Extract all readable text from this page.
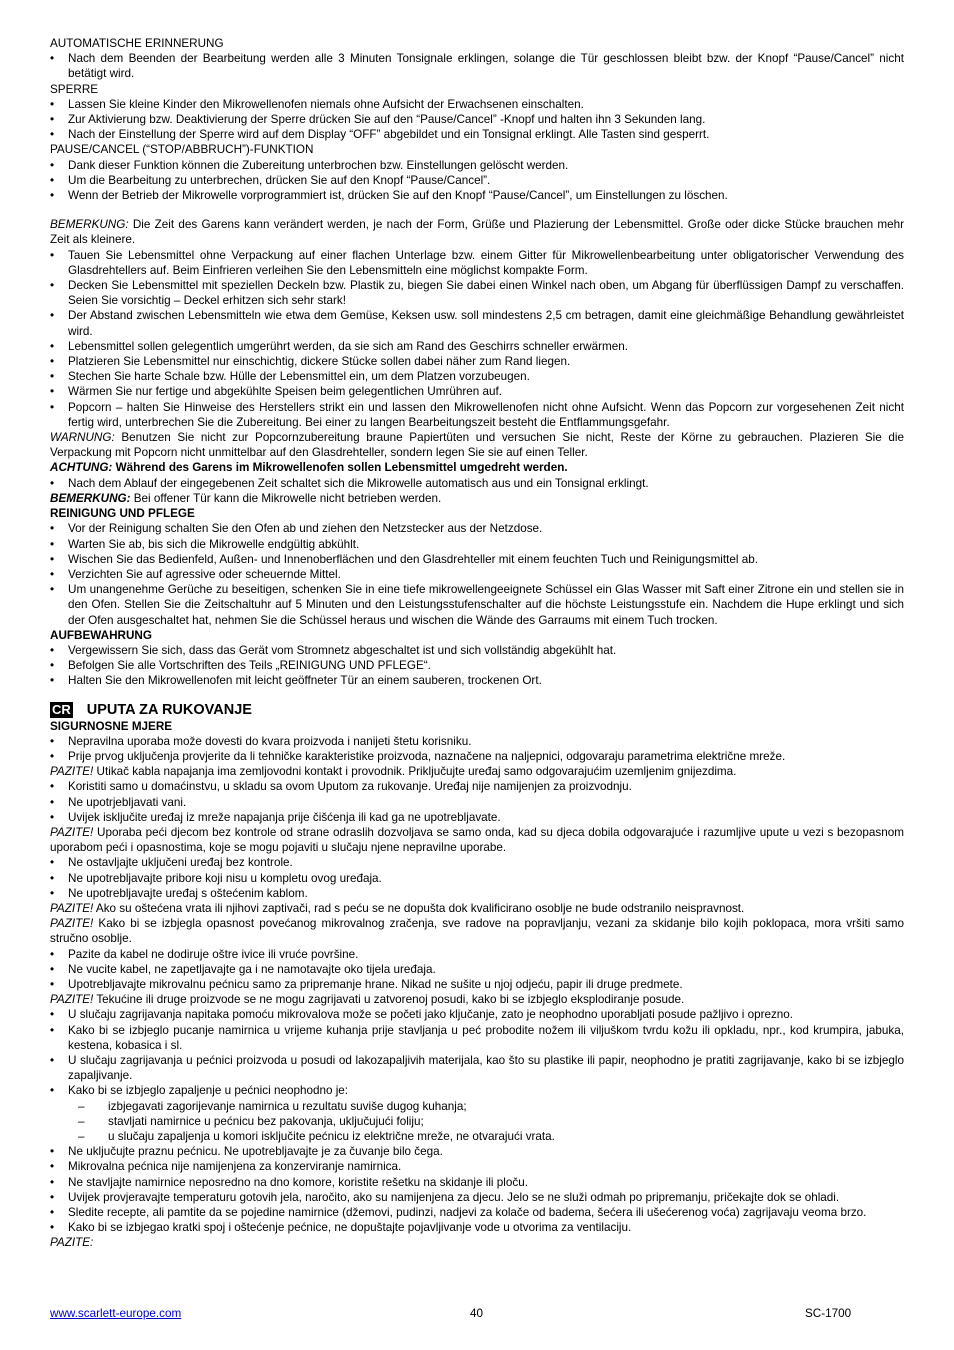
AUTOMATISCHE ERINNERUNG
• Nach dem Beenden der Bearbeitung werden alle 3 Minuten Tonsignale erklingen, solange die Tür geschlossen bleibt bzw. der Knopf “Pause/Cancel” nicht betätigt wird.
SPERRE
• Lassen Sie kleine Kinder den Mikrowellenofen niemals ohne Aufsicht der Erwachsenen einschalten.
• Zur Aktivierung bzw. Deaktivierung der Sperre drücken Sie auf den “Pause/Cancel” -Knopf und halten ihn 3 Sekunden lang.
• Nach der Einstellung der Sperre wird auf dem Display “OFF” abgebildet und ein Tonsignal erklingt. Alle Tasten sind gesperrt.
PAUSE/CANCEL (“STOP/ABBRUCH”)-FUNKTION
• Dank dieser Funktion können die Zubereitung unterbrochen bzw. Einstellungen gelöscht werden.
• Um die Bearbeitung zu unterbrechen, drücken Sie auf den Knopf “Pause/Cancel”.
• Wenn der Betrieb der Mikrowelle vorprogrammiert ist, drücken Sie auf den Knopf “Pause/Cancel”, um Einstellungen zu löschen.

BEMERKUNG: Die Zeit des Garens kann verändert werden, je nach der Form, Grüße und Plazierung der Lebensmittel. Große oder dicke Stücke brauchen mehr Zeit als kleinere.

• Tauen Sie Lebensmittel ohne Verpackung auf einer flachen Unterlage bzw. einem Gitter für Mikrowellenbearbeitung unter obligatorischer Verwendung des Glasdrehtellers auf. Beim Einfrieren verleihen Sie den Lebensmitteln eine möglichst kompakte Form.
• Decken Sie Lebensmittel mit speziellen Deckeln bzw. Plastik zu, biegen Sie dabei einen Winkel nach oben, um Abgang für überflüssigen Dampf zu verschaffen. Seien Sie vorsichtig – Deckel erhitzen sich sehr stark!
• Der Abstand zwischen Lebensmitteln wie etwa dem Gemüse, Keksen usw. soll mindestens 2,5 cm betragen, damit eine gleichmäßige Behandlung gewährleistet wird.
• Lebensmittel sollen gelegentlich umgerührt werden, da sie sich am Rand des Geschirrs schneller erwärmen.
• Platzieren Sie Lebensmittel nur einschichtig, dickere Stücke sollen dabei näher zum Rand liegen.
• Stechen Sie harte Schale bzw. Hülle der Lebensmittel ein, um dem Platzen vorzubeugen.
• Wärmen Sie nur fertige und abgekühlte Speisen beim gelegentlichen Umrühren auf.
• Popcorn – halten Sie Hinweise des Herstellers strikt ein und lassen den Mikrowellenofen nicht ohne Aufsicht. Wenn das Popcorn zur vorgesehenen Zeit nicht fertig wird, unterbrechen Sie die Zubereitung. Bei einer zu langen Bearbeitungszeit besteht die Entflammungsgefahr.

WARNUNG: Benutzen Sie nicht zur Popcornzubereitung braune Papiertüten und versuchen Sie nicht, Reste der Körne zu gebrauchen. Plazieren Sie die Verpackung mit Popcorn nicht unmittelbar auf den Glasdrehteller, sondern legen Sie sie auf einen Teller.

ACHTUNG: Während des Garens im Mikrowellenofen sollen Lebensmittel umgedreht werden.

• Nach dem Ablauf der eingegebenen Zeit schaltet sich die Mikrowelle automatisch aus und ein Tonsignal erklingt.

BEMERKUNG: Bei offener Tür kann die Mikrowelle nicht betrieben werden.

REINIGUNG UND PFLEGE
• Vor der Reinigung schalten Sie den Ofen ab und ziehen den Netzstecker aus der Netzdose.
• Warten Sie ab, bis sich die Mikrowelle endgültig abkühlt.
• Wischen Sie das Bedienfeld, Außen- und Innenoberflächen und den Glasdrehteller mit einem feuchten Tuch und Reinigungsmittel ab.
• Verzichten Sie auf agressive oder scheuernde Mittel.
• Um unangenehme Gerüche zu beseitigen, schenken Sie in eine tiefe mikrowellengeeignete Schüssel ein Glas Wasser mit Saft einer Zitrone ein und stellen sie in den Ofen. Stellen Sie die Zeitschaltuhr auf 5 Minuten und den Leistungsstufenschalter auf die höchste Leistungsstufe ein. Nachdem die Hupe erklingt und sich der Ofen ausgeschaltet hat, nehmen Sie die Schüssel heraus und wischen die Wände des Garraums mit einem Tuch trocken.
AUFBEWAHRUNG
• Vergewissern Sie sich, dass das Gerät vom Stromnetz abgeschaltet ist und sich vollständig abgekühlt hat.
• Befolgen Sie alle Vortschriften des Teils „REINIGUNG UND PFLEGE“.
• Halten Sie den Mikrowellenofen mit leicht geöffneter Tür an einem sauberen, trockenen Ort.
CR UPUTA ZA RUKOVANJE
SIGURNOSNE MJERE
• Nepravilna uporaba može dovesti do kvara proizvoda i nanijeti štetu korisniku.
• Prije prvog uključenja provjerite da li tehničke karakteristike proizvoda, naznačene na naljepnici, odgovaraju parametrima električne mreže.

PAZITE! Utikač kabla napajanja ima zemljovodni kontakt i provodnik. Priključujte uređaj samo odgovarajućim uzemljenim gnijezdima.

• Koristiti samo u domaćinstvu, u skladu sa ovom Uputom za rukovanje. Uređaj nije namijenjen za proizvodnju.
• Ne upotrjebljavati vani.
• Uvijek isključite uređaj iz mreže napajanja prije čišćenja ili kad ga ne upotrebljavate.

PAZITE! Uporaba peći djecom bez kontrole od strane odraslih dozvoljava se samo onda, kad su djeca dobila odgovarajuće i razumljive upute u vezi s bezopasnom uporabom peći i opasnostima, koje se mogu pojaviti u slučaju njene nepravilne uporabe.

• Ne ostavljajte uključeni uređaj bez kontrole.
• Ne upotrebljavajte pribore koji nisu u kompletu ovog uređaja.
• Ne upotrebljavajte uređaj s oštećenim kablom.

PAZITE! Ako su oštećena vrata ili njihovi zaptivači, rad s peću se ne dopušta dok kvalificirano osoblje ne bude odstranilo neispravnost.

PAZITE! Kako bi se izbjegla opasnost povećanog mikrovalnog zračenja, sve radove na popravljanju, vezani za skidanje bilo kojih poklopaca, mora vršiti samo stručno osoblje.

• Pazite da kabel ne dodiruje oštre ivice ili vruće površine.
• Ne vucite kabel, ne zapetljavajte ga i ne namotavajte oko tijela uređaja.
• Upotrebljavajte mikrovalnu pećnicu samo za pripremanje hrane. Nikad ne sušite u njoj odjeću, papir ili druge predmete.

PAZITE! Tekućine ili druge proizvode se ne mogu zagrijavati u zatvorenoj posudi, kako bi se izbjeglo eksplodiranje posude.

• U slučaju zagrijavanja napitaka pomoću mikrovalova može se početi jako ključanje, zato je neophodno uporabljati posude pažljivo i oprezno.
• Kako bi se izbjeglo pucanje namirnica u vrijeme kuhanja prije stavljanja u peć probodite nožem ili viljuškom tvrdu kožu ili opkladu, npr., kod krumpira, jabuka, kestena, kobasica i sl.
• U slučaju zagrijavanja u pećnici proizvoda u posudi od lakozapaljivih materijala, kao što su plastike ili papir, neophodno je pratiti zagrijavanje, kako bi se izbjeglo zapaljivanje.
• Kako bi se izbjeglo zapaljenje u pećnici neophodno je:
– izbjegavati zagorijevanje namirnica u rezultatu suviše dugog kuhanja;
– stavljati namirnice u pećnicu bez pakovanja, uključujući foliju;
– u slučaju zapaljenja u komori isključite pećnicu iz električne mreže, ne otvarajući vrata.
• Ne uključujte praznu pećnicu. Ne upotrebljavajte je za čuvanje bilo čega.
• Mikrovalna pećnica nije namijenjena za konzerviranje namirnica.
• Ne stavljajte namirnice neposredno na dno komore, koristite rešetku na skidanje ili ploču.
• Uvijek provjeravajte temperaturu gotovih jela, naročito, ako su namijenjena za djecu. Jelo se ne služi odmah po pripremanju, pričekajte dok se ohladi.
• Sledite recepte, ali pamtite da se pojedine namirnice (džemovi, pudinzi, nadjevi za kolače od badema, šećera ili ušećerenog voća) zagrijavaju veoma brzo.
• Kako bi se izbjegao kratki spoj i oštećenje pećnice, ne dopuštajte pojavljivanje vode u otvorima za ventilaciju.

PAZITE:

www.scarlett-europe.com	40	SC-1700
